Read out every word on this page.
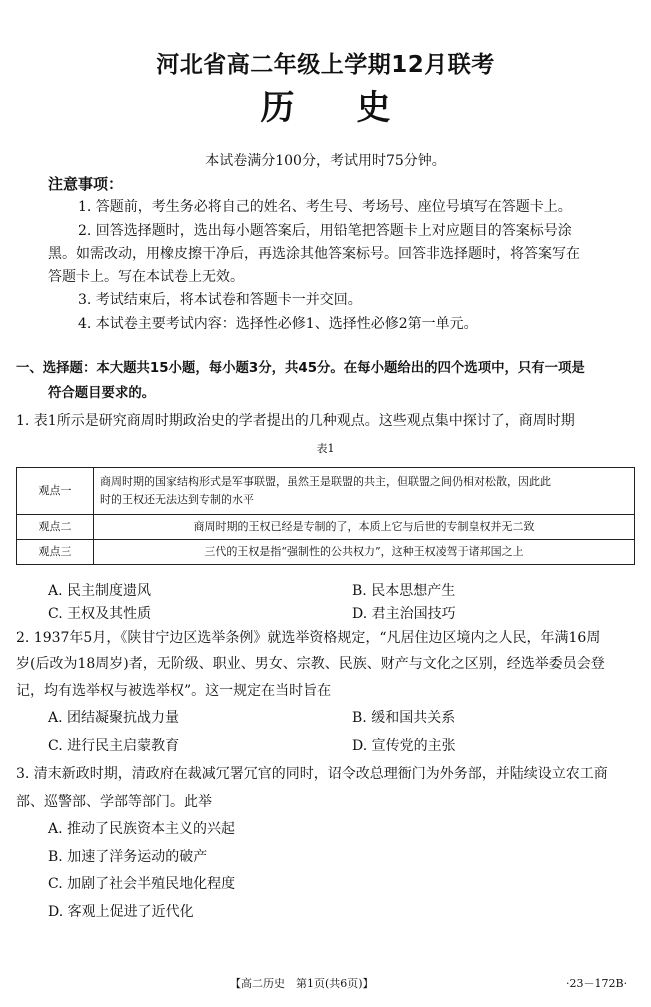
河北省高二年级上学期12月联考
历 史
本试卷满分100分，考试用时75分钟。
注意事项：
1. 答题前，考生务必将自己的姓名、考生号、考场号、座位号填写在答题卡上。
2. 回答选择题时，选出每小题答案后，用铅笔把答题卡上对应题目的答案标号涂
黑。如需改动，用橡皮擦干净后，再选涂其他答案标号。回答非选择题时，将答案写在
答题卡上。写在本试卷上无效。
3. 考试结束后，将本试卷和答题卡一并交回。
4. 本试卷主要考试内容：选择性必修1、选择性必修2第一单元。
一、选择题：本大题共15小题，每小题3分，共45分。在每小题给出的四个选项中，只有一项是
符合题目要求的。
1. 表1所示是研究商周时期政治史的学者提出的几种观点。这些观点集中探讨了，商周时期
表1
观点一	商周时期的国家结构形式是军事联盟，虽然王是联盟的共主，但联盟之间仍相对松散，因此此
时的王权还无法达到专制的水平

观点二	商周时期的王权已经是专制的了，本质上它与后世的专制皇权并无二致
观点三	三代的王权是指“强制性的公共权力”，这种王权凌驾于诸邦国之上
A. 民主制度遗风	B. 民本思想产生
C. 王权及其性质	D. 君主治国技巧
2. 1937年5月，《陕甘宁边区选举条例》就选举资格规定，“凡居住边区境内之人民，年满16周
岁(后改为18周岁)者，无阶级、职业、男女、宗教、民族、财产与文化之区别，经选举委员会登
记，均有选举权与被选举权”。这一规定在当时旨在
A. 团结凝聚抗战力量	B. 缓和国共关系
C. 进行民主启蒙教育	D. 宣传党的主张
3. 清末新政时期，清政府在裁减冗署冗官的同时，诏令改总理衙门为外务部，并陆续设立农工商
部、巡警部、学部等部门。此举
A. 推动了民族资本主义的兴起
B. 加速了洋务运动的破产
C. 加剧了社会半殖民地化程度
D. 客观上促进了近代化
【高二历史　第1页(共6页)】	·23－172B·
